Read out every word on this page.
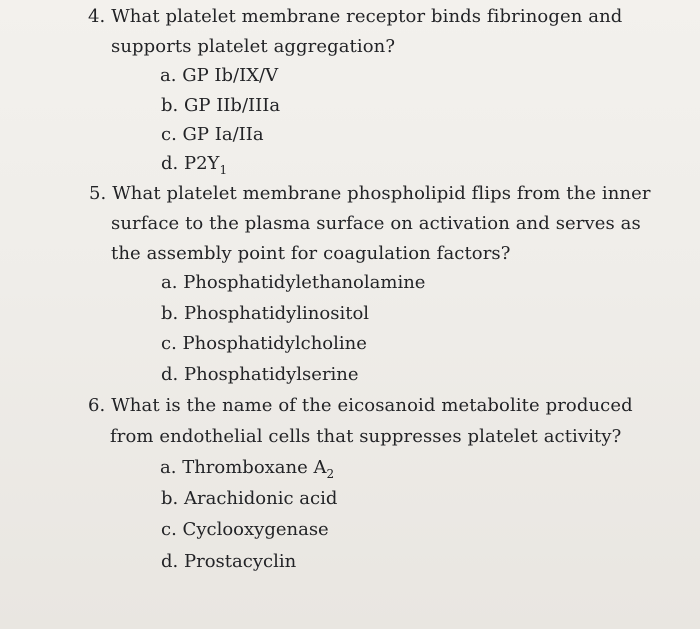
4. What platelet membrane receptor binds fibrinogen and
supports platelet aggregation?
a. GP Ib/IX/V
b. GP IIb/IIIa
c. GP Ia/IIa
d. $P2Y_1$
5. What platelet membrane phospholipid flips from the inner
surface to the plasma surface on activation and serves as
the assembly point for coagulation factors?
a. Phosphatidylethanolamine
b. Phosphatidylinositol
c. Phosphatidylcholine
d. Phosphatidylserine
6. What is the name of the eicosanoid metabolite produced
from endothelial cells that suppresses platelet activity?
a. Thromboxane $A_2$
b. Arachidonic acid
c. Cyclooxygenase
d. Prostacyclin
